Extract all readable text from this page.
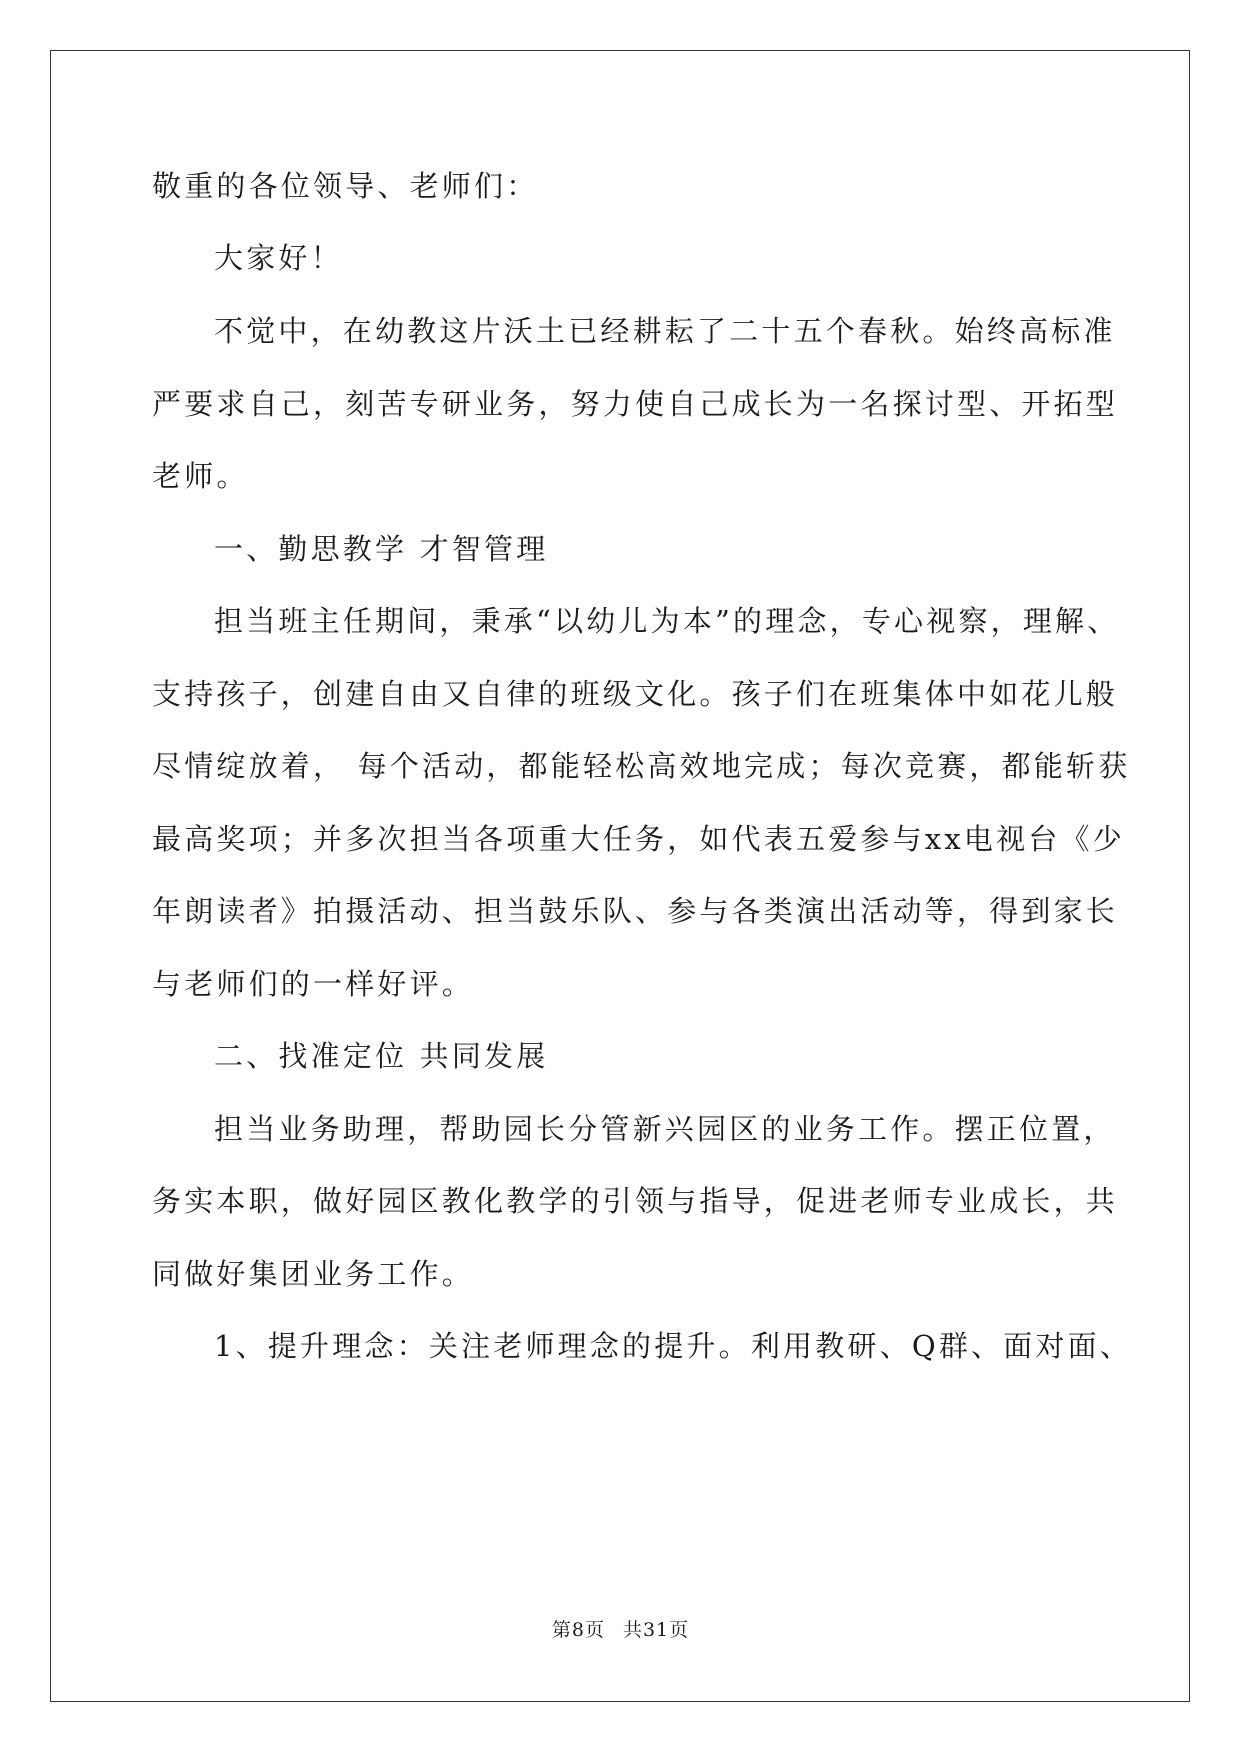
敬重的各位领导、老师们：
大家好！
不觉中，在幼教这片沃土已经耕耘了二十五个春秋。始终高标准
严要求自己，刻苦专研业务，努力使自己成长为一名探讨型、开拓型
老师。
一、勤思教学 才智管理
担当班主任期间，秉承“以幼儿为本”的理念，专心视察，理解、
支持孩子，创建自由又自律的班级文化。孩子们在班集体中如花儿般
尽情绽放着， 每个活动，都能轻松高效地完成；每次竞赛，都能斩获
最高奖项；并多次担当各项重大任务，如代表五爱参与xx电视台《少
年朗读者》拍摄活动、担当鼓乐队、参与各类演出活动等，得到家长
与老师们的一样好评。
二、找准定位 共同发展
担当业务助理，帮助园长分管新兴园区的业务工作。摆正位置，
务实本职，做好园区教化教学的引领与指导，促进老师专业成长，共
同做好集团业务工作。
1、提升理念：关注老师理念的提升。利用教研、Q群、面对面、
第8页 共31页
